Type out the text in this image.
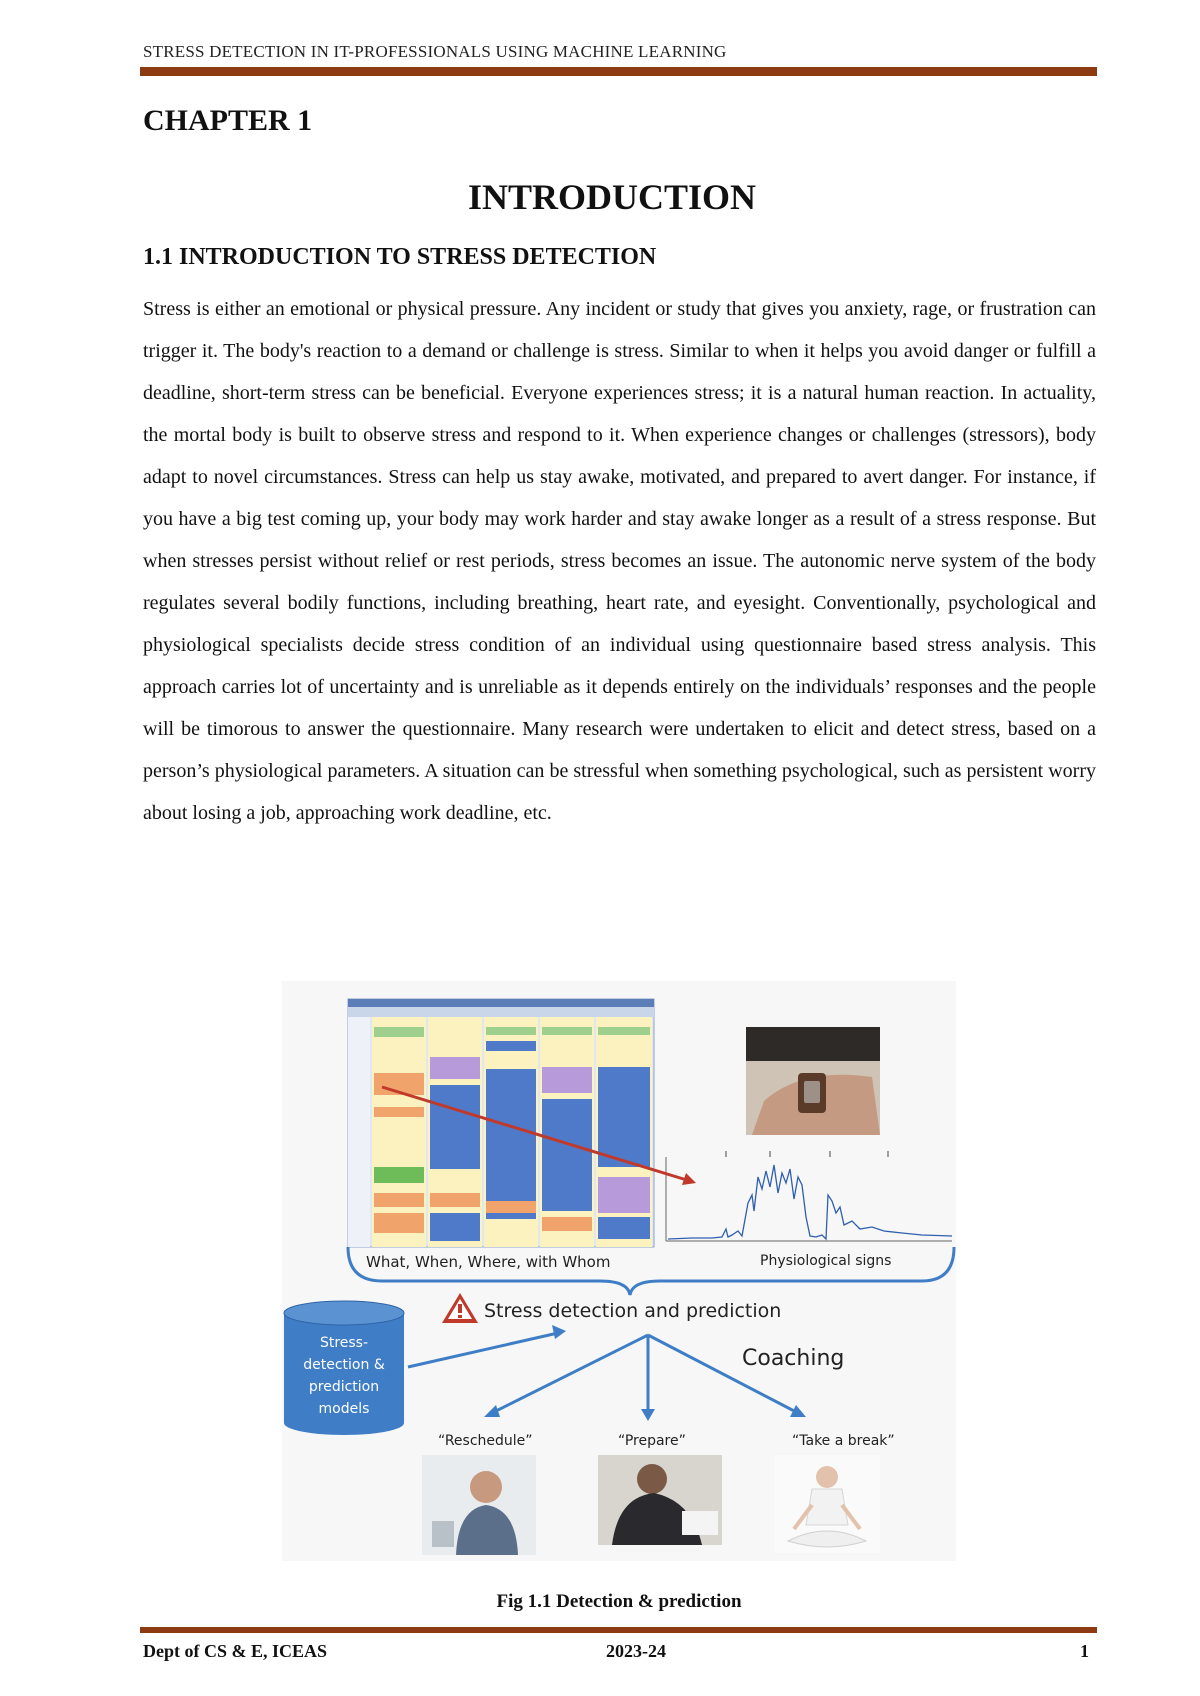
STRESS DETECTION IN IT-PROFESSIONALS USING MACHINE LEARNING
CHAPTER 1
INTRODUCTION
1.1 INTRODUCTION TO STRESS DETECTION
Stress is either an emotional or physical pressure. Any incident or study that gives you anxiety, rage, or frustration can trigger it. The body's reaction to a demand or challenge is stress. Similar to when it helps you avoid danger or fulfill a deadline, short-term stress can be beneficial. Everyone experiences stress; it is a natural human reaction. In actuality, the mortal body is built to observe stress and respond to it. When experience changes or challenges (stressors), body adapt to novel circumstances. Stress can help us stay awake, motivated, and prepared to avert danger. For instance, if you have a big test coming up, your body may work harder and stay awake longer as a result of a stress response. But when stresses persist without relief or rest periods, stress becomes an issue. The autonomic nerve system of the body regulates several bodily functions, including breathing, heart rate, and eyesight. Conventionally, psychological and physiological specialists decide stress condition of an individual using questionnaire based stress analysis. This approach carries lot of uncertainty and is unreliable as it depends entirely on the individuals’ responses and the people will be timorous to answer the questionnaire. Many research were undertaken to elicit and detect stress, based on a person’s physiological parameters. A situation can be stressful when something psychological, such as persistent worry about losing a job, approaching work deadline, etc.
What, When, Where, with Whom	Physiological signs
Stress detection and prediction
Stress-
detection &
prediction
models
Coaching
“Reschedule”	“Prepare”	“Take a break”
Fig 1.1 Detection & prediction
Dept of CS & E, ICEAS	2023-24	1
